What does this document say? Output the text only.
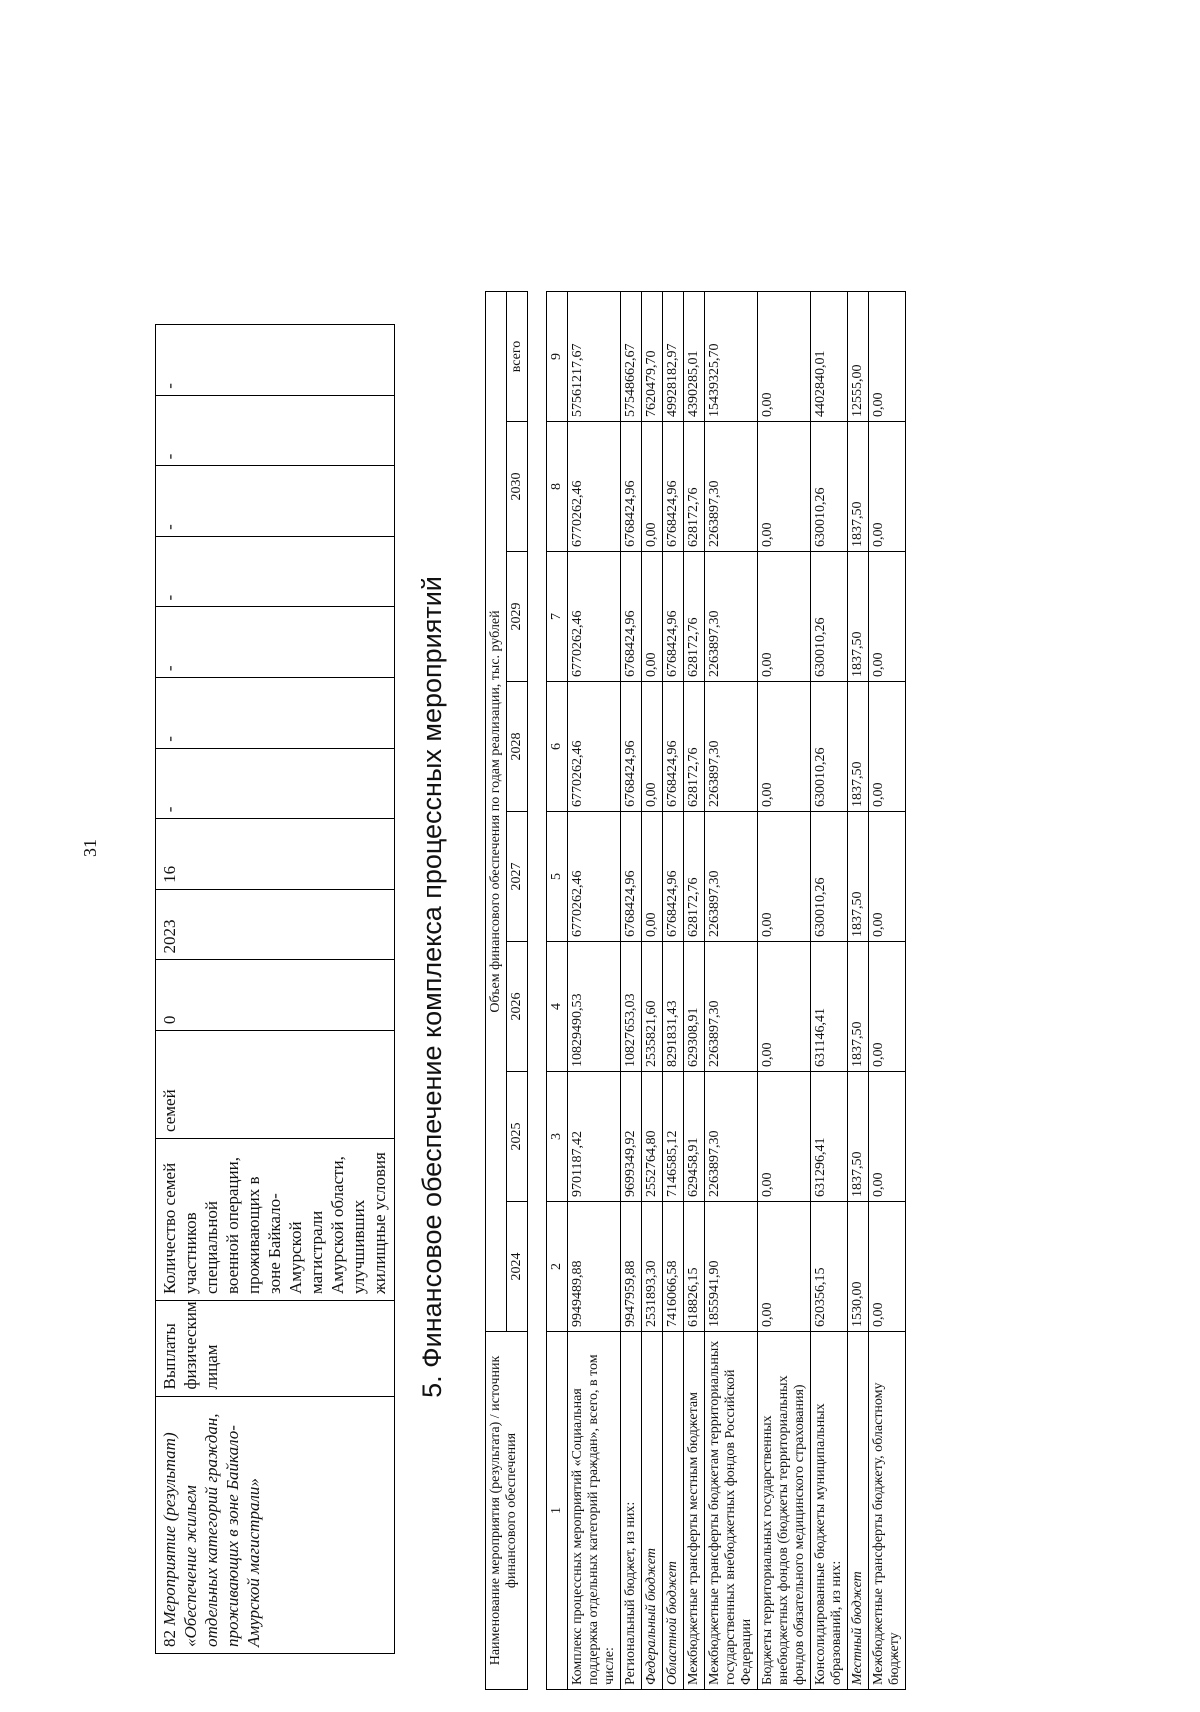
31
82 Мероприятие (результат) «Обеспечение жильем отдельных категорий граждан, проживающих в зоне Байкало-Амурской магистрали»	Выплаты физическим лицам	Количество семей участников специальной военной операции, проживающих в зоне Байкало-Амурской магистрали Амурской области, улучшивших жилищные условия	семей	0	2023	16	-	-	-	-	-	-	-
5. Финансовое обеспечение комплекса процессных мероприятий
Наименование мероприятия (результата) / источник финансового обеспечения	Объем финансового обеспечения по годам реализации, тыс. рублей							
	2024	2025	2026	2027	2028	2029	2030	всего

1	2	3	4	5	6	7	8	9
Комплекс процессных мероприятий «Социальная поддержка отдельных категорий граждан», всего, в том числе:	9949489,88	9701187,42	10829490,53	6770262,46	6770262,46	6770262,46	6770262,46	57561217,67
Региональный бюджет, из них:	9947959,88	9699349,92	10827653,03	6768424,96	6768424,96	6768424,96	6768424,96	57548662,67
Федеральный бюджет	2531893,30	2552764,80	2535821,60	0,00	0,00	0,00	0,00	7620479,70
Областной бюджет	7416066,58	7146585,12	8291831,43	6768424,96	6768424,96	6768424,96	6768424,96	49928182,97
Межбюджетные трансферты местным бюджетам	618826,15	629458,91	629308,91	628172,76	628172,76	628172,76	628172,76	4390285,01
Межбюджетные трансферты бюджетам территориальных государственных внебюджетных фондов Российской Федерации	1855941,90	2263897,30	2263897,30	2263897,30	2263897,30	2263897,30	2263897,30	15439325,70
Бюджеты территориальных государственных внебюджетных фондов (бюджеты территориальных фондов обязательного медицинского страхования)	0,00	0,00	0,00	0,00	0,00	0,00	0,00	0,00
Консолидированные бюджеты муниципальных образований, из них:	620356,15	631296,41	631146,41	630010,26	630010,26	630010,26	630010,26	4402840,01
Местный бюджет	1530,00	1837,50	1837,50	1837,50	1837,50	1837,50	1837,50	12555,00
Межбюджетные трансферты бюджету, областному бюджету	0,00	0,00	0,00	0,00	0,00	0,00	0,00	0,00
